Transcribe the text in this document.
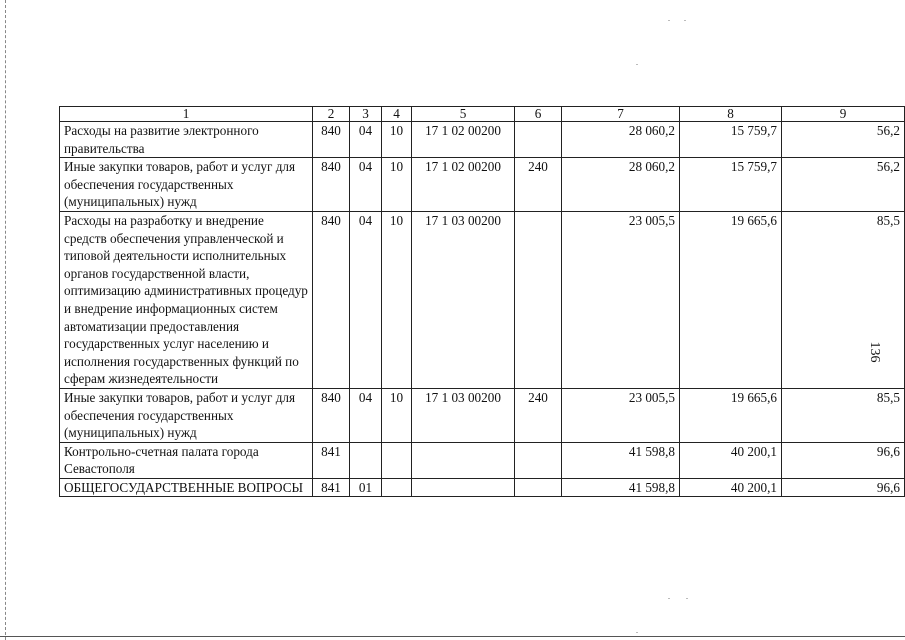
136
1	2	3	4	5	6	7	8	9
Расходы на развитие электронного правительства	840	04	10	17 1 02 00200		28 060,2	15 759,7	56,2
Иные закупки товаров, работ и услуг для обеспечения государственных (муниципальных) нужд	840	04	10	17 1 02 00200	240	28 060,2	15 759,7	56,2
Расходы на разработку и внедрение средств обеспечения управленческой и типовой деятельности исполнительных органов государственной власти, оптимизацию административных процедур и внедрение информационных систем автоматизации предоставления государственных услуг населению и исполнения государственных функций по сферам жизнедеятельности	840	04	10	17 1 03 00200		23 005,5	19 665,6	85,5
Иные закупки товаров, работ и услуг для обеспечения государственных (муниципальных) нужд	840	04	10	17 1 03 00200	240	23 005,5	19 665,6	85,5
Контрольно-счетная палата города Севастополя	841					41 598,8	40 200,1	96,6
ОБЩЕГОСУДАРСТВЕННЫЕ ВОПРОСЫ	841	01				41 598,8	40 200,1	96,6
